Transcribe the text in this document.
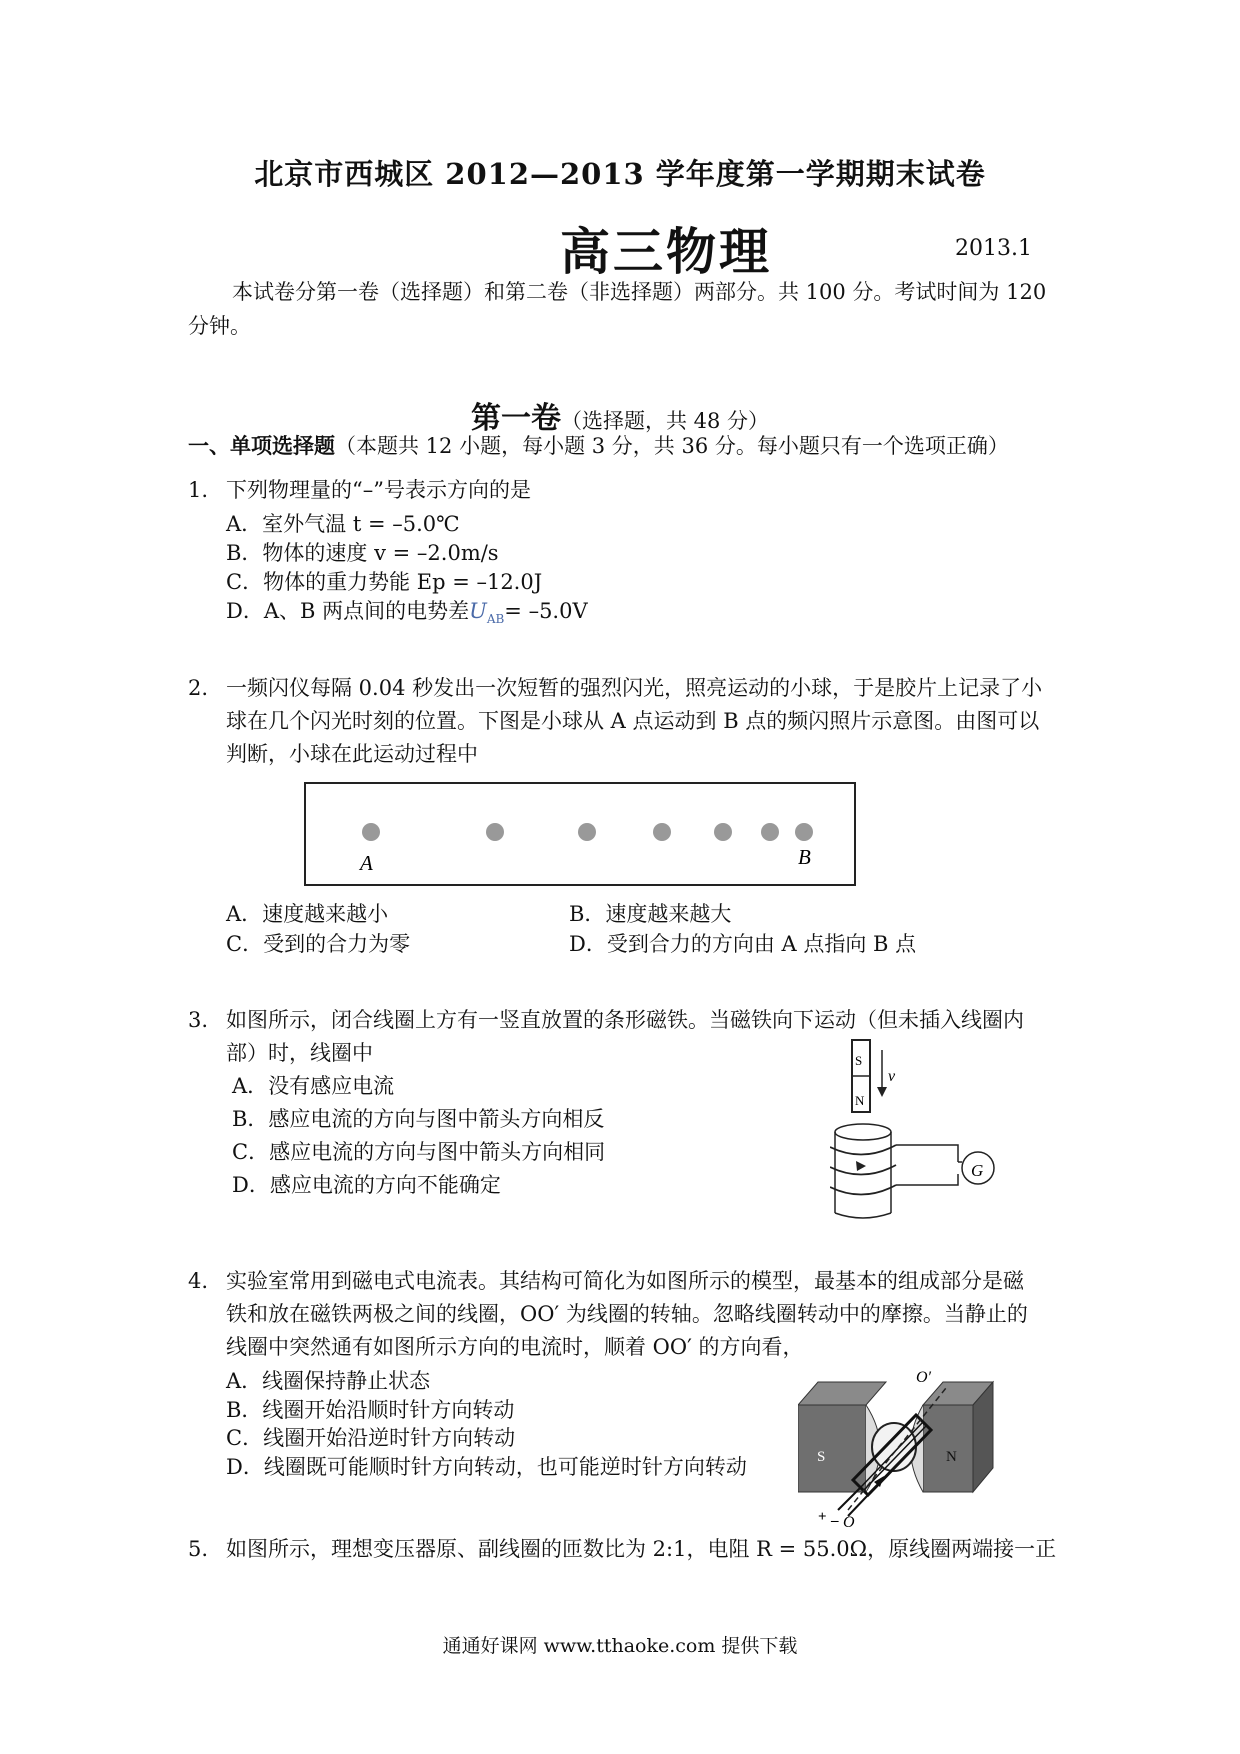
北京市西城区 2012—2013 学年度第一学期期末试卷
高三物理	2013.1
本试卷分第一卷（选择题）和第二卷（非选择题）两部分。共 100 分。考试时间为 120
分钟。
第一卷（选择题，共 48 分）
一、单项选择题（本题共 12 小题，每小题 3 分，共 36 分。每小题只有一个选项正确）
1. 下列物理量的“–”号表示方向的是
A．室外气温 t = –5.0℃
B．物体的速度 v = –2.0m/s
C．物体的重力势能 Ep = –12.0J
D．A、B 两点间的电势差$U_{AB}= -5.0V$
2. 一频闪仪每隔 0.04 秒发出一次短暂的强烈闪光，照亮运动的小球，于是胶片上记录了小
球在几个闪光时刻的位置。下图是小球从 A 点运动到 B 点的频闪照片示意图。由图可以
判断，小球在此运动过程中
A	B
A．速度越来越小	B．速度越来越大
C．受到的合力为零	D．受到合力的方向由 A 点指向 B 点
3. 如图所示，闭合线圈上方有一竖直放置的条形磁铁。当磁铁向下运动（但未插入线圈内
部）时，线圈中
A．没有感应电流
B．感应电流的方向与图中箭头方向相反
C．感应电流的方向与图中箭头方向相同
D．感应电流的方向不能确定
S
N
v
G
4. 实验室常用到磁电式电流表。其结构可简化为如图所示的模型，最基本的组成部分是磁
铁和放在磁铁两极之间的线圈，OO′ 为线圈的转轴。忽略线圈转动中的摩擦。当静止的
线圈中突然通有如图所示方向的电流时，顺着 OO′ 的方向看，
A．线圈保持静止状态
B．线圈开始沿顺时针方向转动
C．线圈开始沿逆时针方向转动
D．线圈既可能顺时针方向转动，也可能逆时针方向转动
+ –
S	N
O
O′
5. 如图所示，理想变压器原、副线圈的匝数比为 2:1，电阻 R = 55.0Ω，原线圈两端接一正
通通好课网 www.tthaoke.com 提供下载
